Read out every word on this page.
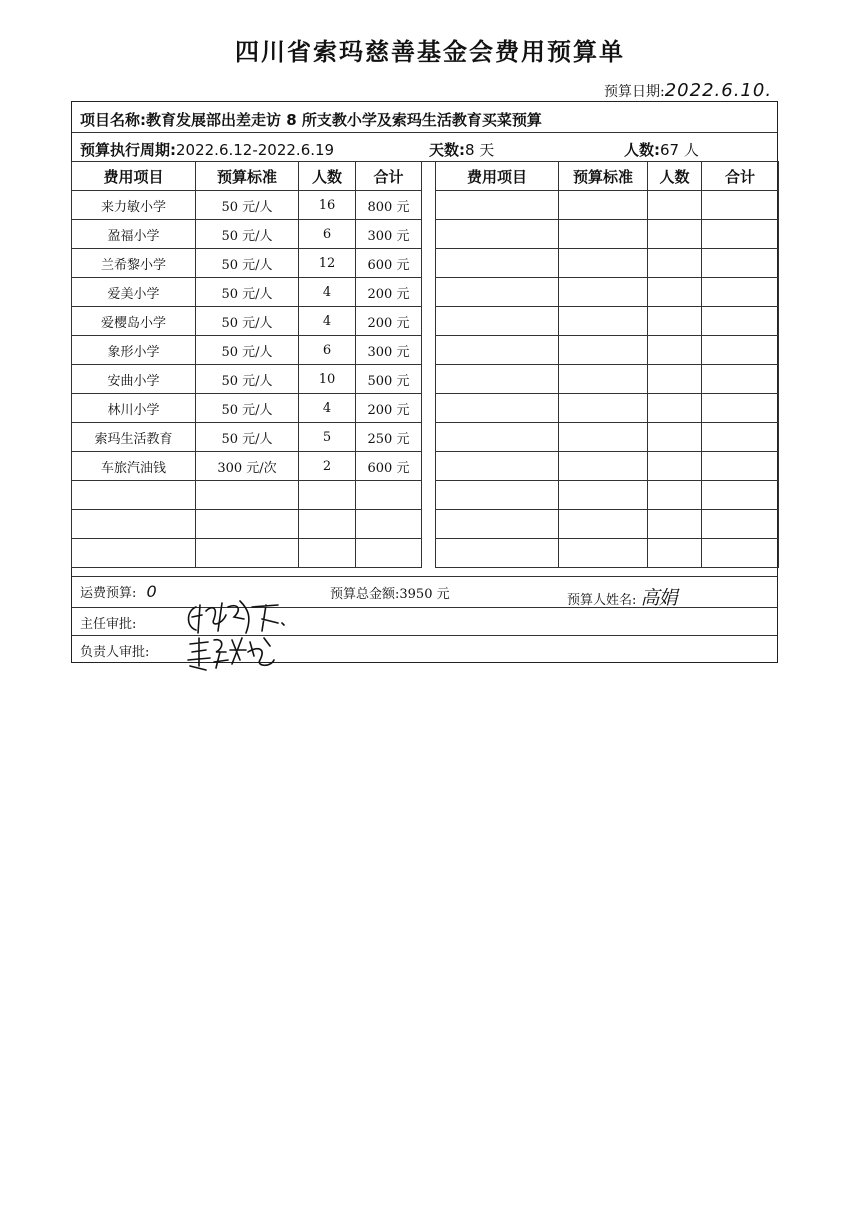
四川省索玛慈善基金会费用预算单
预算日期:2022.6.10.
项目名称:教育发展部出差走访 8 所支教小学及索玛生活教育买菜预算
预算执行周期:2022.6.12-2022.6.19	天数:8 天	人数:67 人
费用项目	预算标准	人数	合计
来力敏小学	50 元/人	16	800 元
盈福小学	50 元/人	6	300 元
兰希黎小学	50 元/人	12	600 元
爱美小学	50 元/人	4	200 元
爱樱岛小学	50 元/人	4	200 元
象形小学	50 元/人	6	300 元
安曲小学	50 元/人	10	500 元
林川小学	50 元/人	4	200 元
索玛生活教育	50 元/人	5	250 元
车旅汽油钱	300 元/次	2	600 元

费用项目	预算标准	人数	合计

运费预算: 0	预算总金额:3950 元	预算人姓名: 高娟
主任审批:
负责人审批:
